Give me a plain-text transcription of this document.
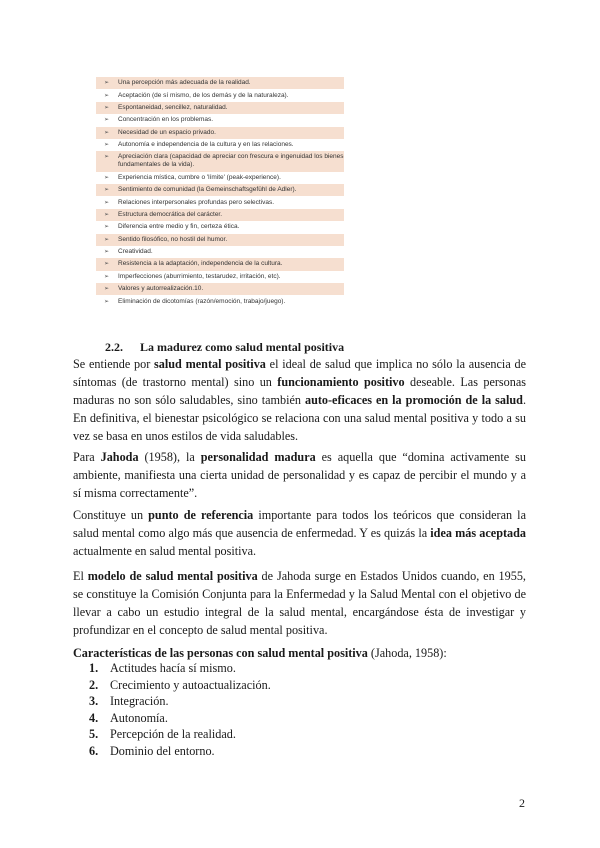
➢	Una percepción más adecuada de la realidad.
➢	Aceptación (de sí mismo, de los demás y de la naturaleza).
➢	Espontaneidad, sencillez, naturalidad.
➢	Concentración en los problemas.
➢	Necesidad de un espacio privado.
➢	Autonomía e independencia de la cultura y en las relaciones.
➢	Apreciación clara (capacidad de apreciar con frescura e ingenuidad los bienes fundamentales de la vida).
➢	Experiencia mística, cumbre o 'límite' (peak-experience).
➢	Sentimiento de comunidad (la Gemeinschaftsgefühl de Adler).
➢	Relaciones interpersonales profundas pero selectivas.
➢	Estructura democrática del carácter.
➢	Diferencia entre medio y fin, certeza ética.
➢	Sentido filosófico, no hostil del humor.
➢	Creatividad.
➢	Resistencia a la adaptación, independencia de la cultura.
➢	Imperfecciones (aburrimiento, testarudez, irritación, etc).
➢	Valores y autorrealización.10.
➢	Eliminación de dicotomías (razón/emoción, trabajo/juego).
2.2. La madurez como salud mental positiva

Se entiende por salud mental positiva el ideal de salud que implica no sólo la ausencia de síntomas (de trastorno mental) sino un funcionamiento positivo deseable. Las personas maduras no son sólo saludables, sino también auto-eficaces en la promoción de la salud. En definitiva, el bienestar psicológico se relaciona con una salud mental positiva y todo a su vez se basa en unos estilos de vida saludables.

Para Jahoda (1958), la personalidad madura es aquella que “domina activamente su ambiente, manifiesta una cierta unidad de personalidad y es capaz de percibir el mundo y a sí misma correctamente”.

Constituye un punto de referencia importante para todos los teóricos que consideran la salud mental como algo más que ausencia de enfermedad. Y es quizás la idea más aceptada actualmente en salud mental positiva.

El modelo de salud mental positiva de Jahoda surge en Estados Unidos cuando, en 1955, se constituye la Comisión Conjunta para la Enfermedad y la Salud Mental con el objetivo de llevar a cabo un estudio integral de la salud mental, encargándose ésta de investigar y profundizar en el concepto de salud mental positiva.

Características de las personas con salud mental positiva (Jahoda, 1958):

1. Actitudes hacía sí mismo.
2. Crecimiento y autoactualización.
3. Integración.
4. Autonomía.
5. Percepción de la realidad.
6. Dominio del entorno.
2
